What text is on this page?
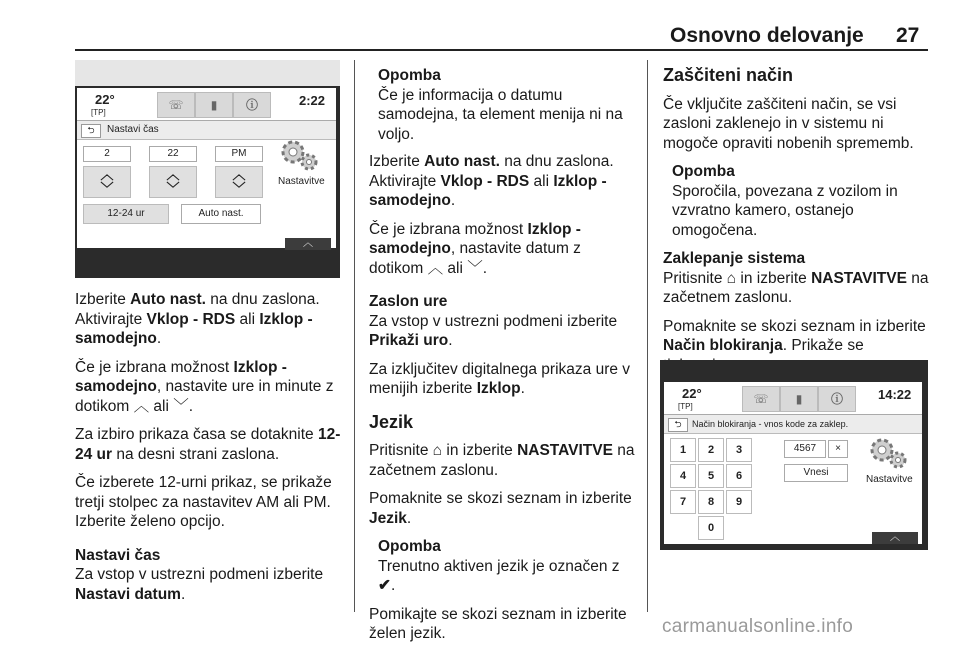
Osnovno delovanje 27
22°
[TP]
☏	▮	ⓘ	2:22
⮌	Nastavi čas
2	22	PM
︿
﹀
︿
﹀
︿
﹀
12-24 ur	Auto nast.
Nastavitve
︿

Izberite Auto nast. na dnu zaslona. Aktivirajte Vklop - RDS ali Izklop - samodejno.

Če je izbrana možnost Izklop - samodejno, nastavite ure in minute z dotikom ︿ ali ﹀.

Za izbiro prikaza časa se dotaknite 12-24 ur na desni strani zaslona.

Če izberete 12-urni prikaz, se prikaže tretji stolpec za nastavitev AM ali PM. Izberite želeno opcijo.

Nastavi čas

Za vstop v ustrezni podmeni izberite Nastavi datum.

Opomba
Če je informacija o datumu samodejna, ta element menija ni na voljo.

Izberite Auto nast. na dnu zaslona. Aktivirajte Vklop - RDS ali Izklop - samodejno.

Če je izbrana možnost Izklop - samodejno, nastavite datum z dotikom ︿ ali ﹀.

Zaslon ure

Za vstop v ustrezni podmeni izberite Prikaži uro.

Za izključitev digitalnega prikaza ure v menijih izberite Izklop.

Jezik

Pritisnite ⌂ in izberite NASTAVITVE na začetnem zaslonu.

Pomaknite se skozi seznam in izberite Jezik.

Opomba
Trenutno aktiven jezik je označen z ✔.

Pomikajte se skozi seznam in izberite želen jezik.

Zaščiteni način

Če vključite zaščiteni način, se vsi zasloni zaklenejo in v sistemu ni mogoče opraviti nobenih sprememb.

Opomba
Sporočila, povezana z vozilom in vzvratno kamero, ostanejo omogočena.

Zaklepanje sistema

Pritisnite ⌂ in izberite NASTAVITVE na začetnem zaslonu.

Pomaknite se skozi seznam in izberite Način blokiranja. Prikaže se

22°
[TP]
☏	▮	ⓘ	14:22
⮌	Način blokiranja - vnos kode za zaklep.
1	2	3
4	5	6
7	8	9
0
4567	×
Vnesi
Nastavitve
︿
carmanualsonline.info
